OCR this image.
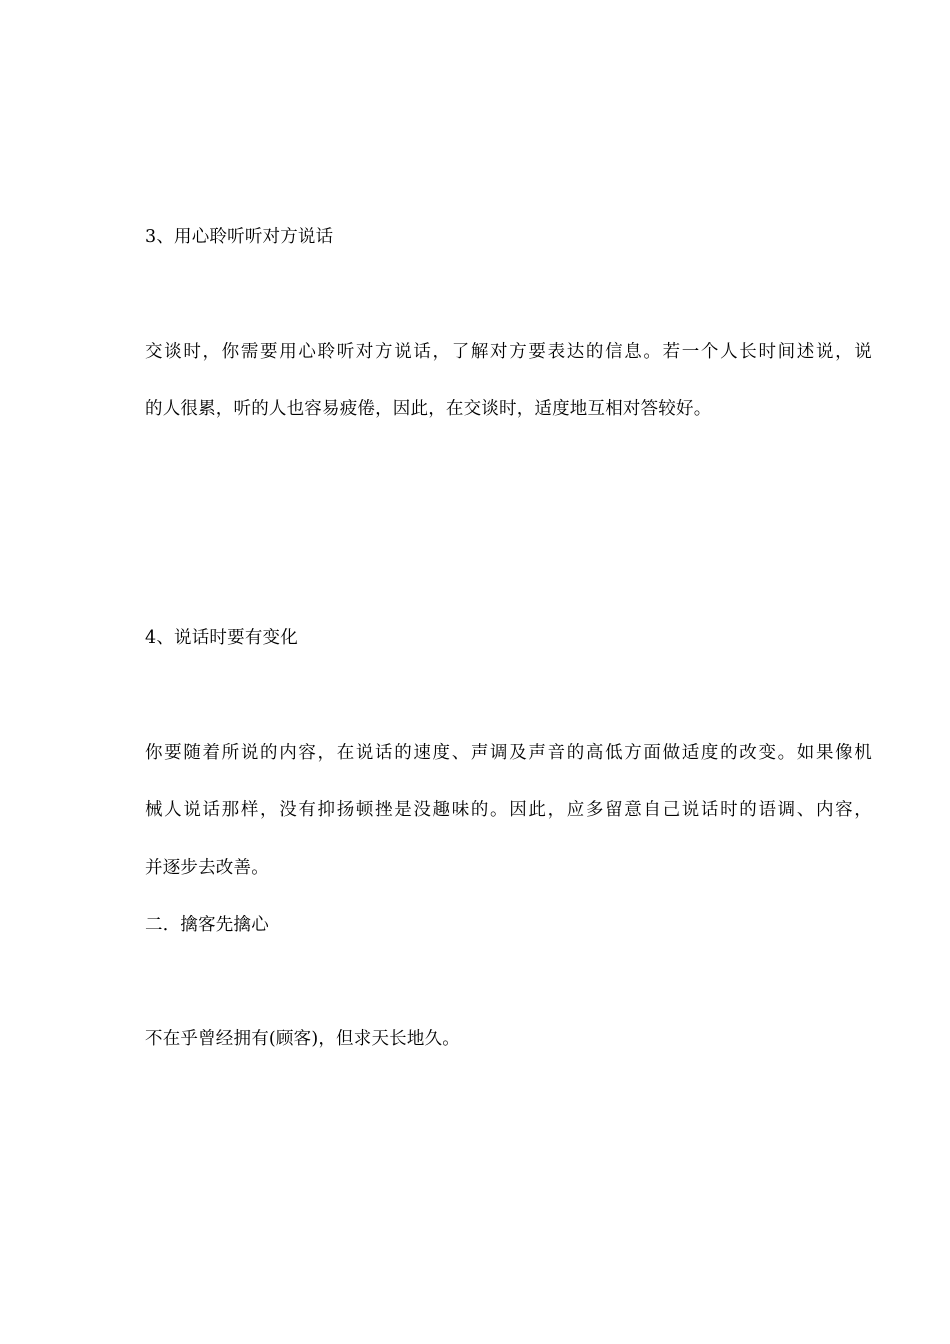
3、用心聆听听对方说话

交谈时，你需要用心聆听对方说话，了解对方要表达的信息。若一个人长时间述说，说

的人很累，听的人也容易疲倦，因此，在交谈时，适度地互相对答较好。

4、说话时要有变化

你要随着所说的内容，在说话的速度、声调及声音的高低方面做适度的改变。如果像机

械人说话那样，没有抑扬顿挫是没趣味的。因此，应多留意自己说话时的语调、内容，

并逐步去改善。

二．擒客先擒心

不在乎曾经拥有(顾客)，但求天长地久。
